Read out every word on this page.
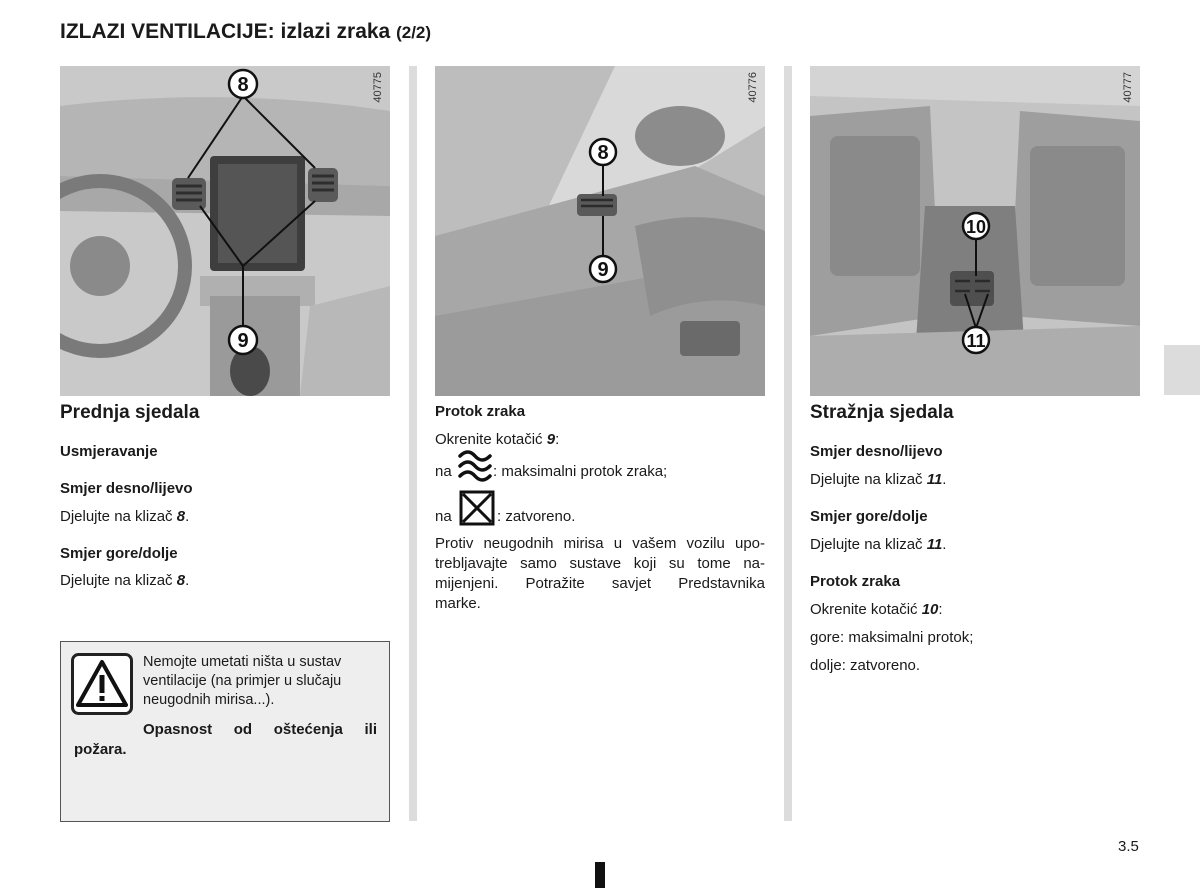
IZLAZI VENTILACIJE: izlazi zraka (2/2)
8
9
40775
Prednja sjedala
Usmjeravanje
Smjer desno/lijevo
Djelujte na klizač 8.
Smjer gore/dolje
Djelujte na klizač 8.
Nemojte umetati ništa u sustav
ventilacije (na primjer u slučaju
neugodnih mirisa...).
Opasnost od oštećenja ili
požara.
8
9
40776
Protok zraka
Okrenite kotačić 9:
na	: maksimalni protok zraka;
na	: zatvoreno.
Protiv neugodnih mirisa u vašem vozilu upo-
trebljavajte samo sustave koji su tome na-
mijenjeni. Potražite savjet Predstavnika
marke.
10
11
40777
Stražnja sjedala
Smjer desno/lijevo
Djelujte na klizač 11.
Smjer gore/dolje
Djelujte na klizač 11.
Protok zraka
Okrenite kotačić 10:
gore: maksimalni protok;
dolje: zatvoreno.
3.5
